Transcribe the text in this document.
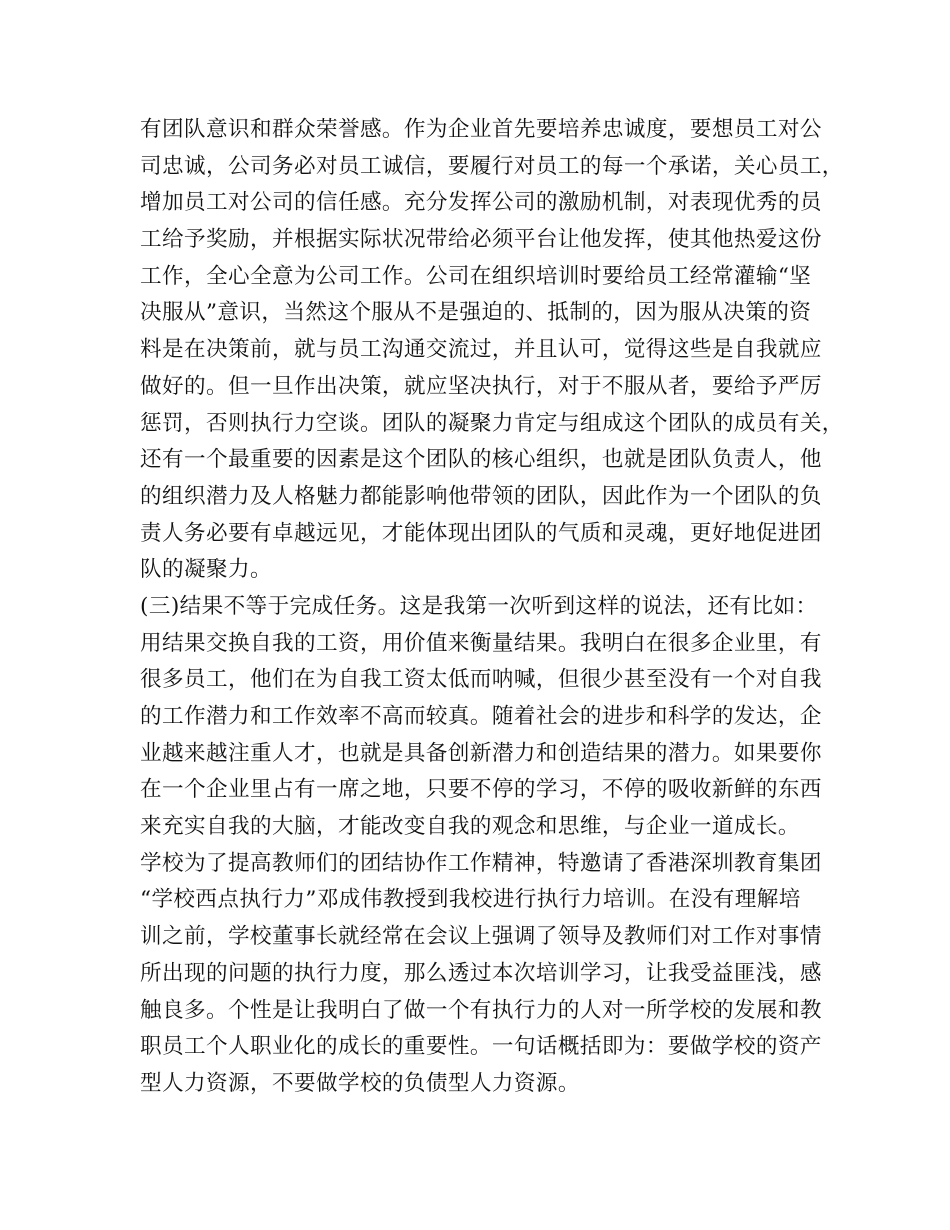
有团队意识和群众荣誉感。作为企业首先要培养忠诚度，要想员工对公
司忠诚，公司务必对员工诚信，要履行对员工的每一个承诺，关心员工，
增加员工对公司的信任感。充分发挥公司的激励机制，对表现优秀的员
工给予奖励，并根据实际状况带给必须平台让他发挥，使其他热爱这份
工作，全心全意为公司工作。公司在组织培训时要给员工经常灌输“坚
决服从”意识，当然这个服从不是强迫的、抵制的，因为服从决策的资
料是在决策前，就与员工沟通交流过，并且认可，觉得这些是自我就应
做好的。但一旦作出决策，就应坚决执行，对于不服从者，要给予严厉
惩罚，否则执行力空谈。团队的凝聚力肯定与组成这个团队的成员有关，
还有一个最重要的因素是这个团队的核心组织，也就是团队负责人，他
的组织潜力及人格魅力都能影响他带领的团队，因此作为一个团队的负
责人务必要有卓越远见，才能体现出团队的气质和灵魂，更好地促进团
队的凝聚力。
(三)结果不等于完成任务。这是我第一次听到这样的说法，还有比如：
用结果交换自我的工资，用价值来衡量结果。我明白在很多企业里，有
很多员工，他们在为自我工资太低而呐喊，但很少甚至没有一个对自我
的工作潜力和工作效率不高而较真。随着社会的进步和科学的发达，企
业越来越注重人才，也就是具备创新潜力和创造结果的潜力。如果要你
在一个企业里占有一席之地，只要不停的学习，不停的吸收新鲜的东西
来充实自我的大脑，才能改变自我的观念和思维，与企业一道成长。
学校为了提高教师们的团结协作工作精神，特邀请了香港深圳教育集团
“学校西点执行力”邓成伟教授到我校进行执行力培训。在没有理解培
训之前，学校董事长就经常在会议上强调了领导及教师们对工作对事情
所出现的问题的执行力度，那么透过本次培训学习，让我受益匪浅，感
触良多。个性是让我明白了做一个有执行力的人对一所学校的发展和教
职员工个人职业化的成长的重要性。一句话概括即为：要做学校的资产
型人力资源，不要做学校的负债型人力资源。
